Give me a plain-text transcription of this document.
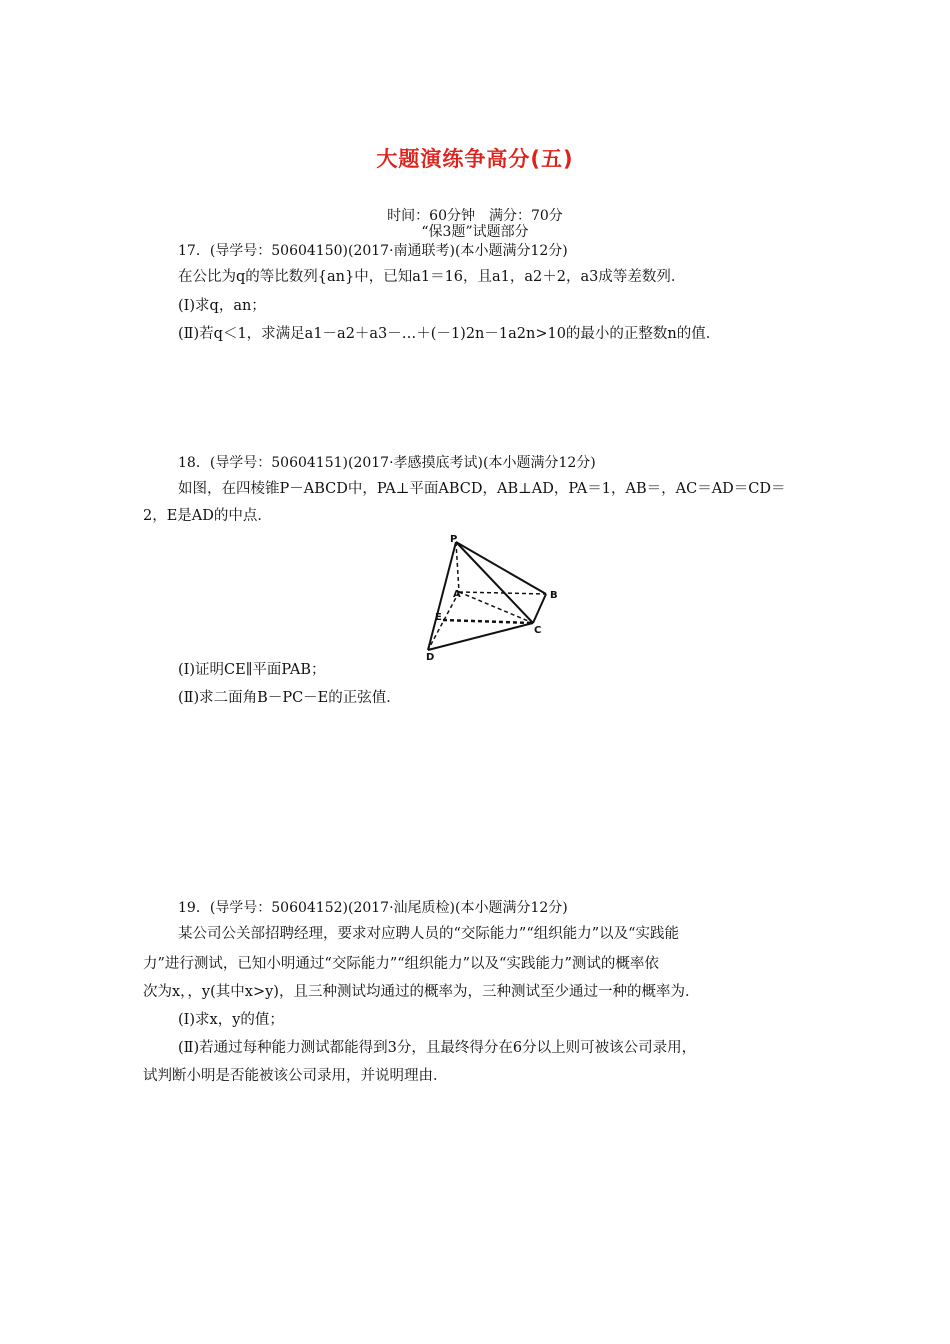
大题演练争高分(五)
时间：60分钟　满分：70分
“保3题”试题部分
17．(导学号：50604150)(2017·南通联考)(本小题满分12分)
在公比为q的等比数列{an}中，已知a1＝16，且a1，a2＋2，a3成等差数列．
(Ⅰ)求q，an；
(Ⅱ)若q＜1，求满足a1－a2＋a3－…＋(－1)2n－1a2n>10的最小的正整数n的值．
18．(导学号：50604151)(2017·孝感摸底考试)(本小题满分12分)
如图，在四棱锥P－ABCD中，PA⊥平面ABCD，AB⊥AD，PA＝1，AB＝，AC＝AD＝CD＝
2，E是AD的中点．
P
A	B
E
C
D
(Ⅰ)证明CE∥平面PAB；
(Ⅱ)求二面角B－PC－E的正弦值．
19．(导学号：50604152)(2017·汕尾质检)(本小题满分12分)
某公司公关部招聘经理，要求对应聘人员的“交际能力”“组织能力”以及“实践能
力”进行测试，已知小明通过“交际能力”“组织能力”以及“实践能力”测试的概率依
次为x，，y(其中x>y)，且三种测试均通过的概率为，三种测试至少通过一种的概率为．
(Ⅰ)求x，y的值；
(Ⅱ)若通过每种能力测试都能得到3分，且最终得分在6分以上则可被该公司录用，
试判断小明是否能被该公司录用，并说明理由．
